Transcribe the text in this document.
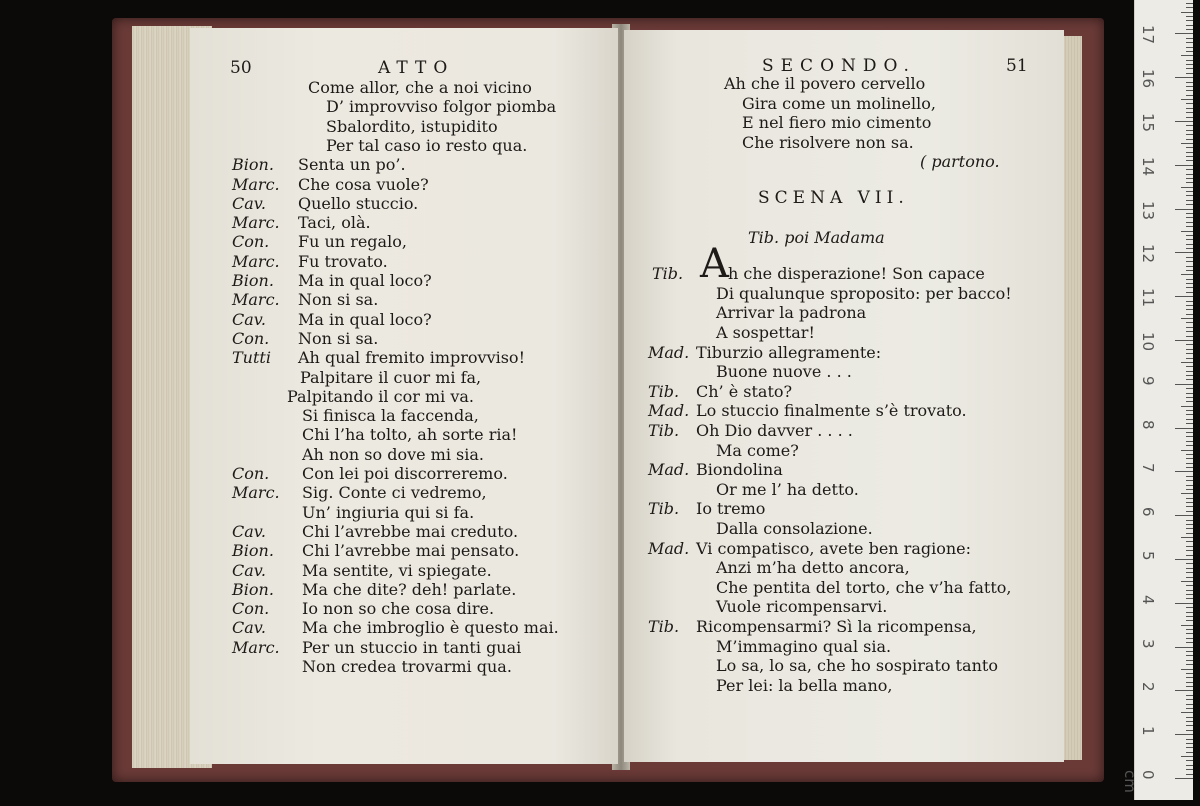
50	ATTO
Come allor, che a noi vicino
D’ improvviso folgor piomba
Sbalordito, istupidito
Per tal caso io resto qua.
Bion. Senta un po’.
Marc. Che cosa vuole?
Cav. Quello stuccio.
Marc. Taci, olà.
Con. Fu un regalo,
Marc. Fu trovato.
Bion. Ma in qual loco?
Marc. Non si sa.
Cav. Ma in qual loco?
Con. Non si sa.
Tutti Ah qual fremito improvviso!
Palpitare il cuor mi fa,
Palpitando il cor mi va.
Si finisca la faccenda,
Chi l’ha tolto, ah sorte ria!
Ah non so dove mi sia.
Con. Con lei poi discorreremo.
Marc. Sig. Conte ci vedremo,
Un’ ingiuria qui si fa.
Cav. Chi l’avrebbe mai creduto.
Bion. Chi l’avrebbe mai pensato.
Cav. Ma sentite, vi spiegate.
Bion. Ma che dite? deh! parlate.
Con. Io non so che cosa dire.
Cav. Ma che imbroglio è questo mai.
Marc. Per un stuccio in tanti guai
Non credea trovarmi qua.
SECONDO.	51
Ah che il povero cervello
Gira come un molinello,
E nel fiero mio cimento
Che risolvere non sa.
( partono.
SCENA VII.
Tib. poi Madama
Tib. A h che disperazione! Son capace
Di qualunque sproposito: per bacco!
Arrivar la padrona
A sospettar!
Mad. Tiburzio allegramente:
Buone nuove . . .
Tib. Ch’ è stato?
Mad. Lo stuccio finalmente s’è trovato.
Tib. Oh Dio davver . . . .
Ma come?
Mad. Biondolina
Or me l’ ha detto.
Tib. Io tremo
Dalla consolazione.
Mad. Vi compatisco, avete ben ragione:
Anzi m’ha detto ancora,
Che pentita del torto, che v’ha fatto,
Vuole ricompensarvi.
Tib. Ricompensarmi? Sì la ricompensa,
M’immagino qual sia.
Lo sa, lo sa, che ho sospirato tanto
Per lei: la bella mano,
17
16
15
14
13
12
11
10
9
8
7
6
5
4
3
2
1
0 cm
